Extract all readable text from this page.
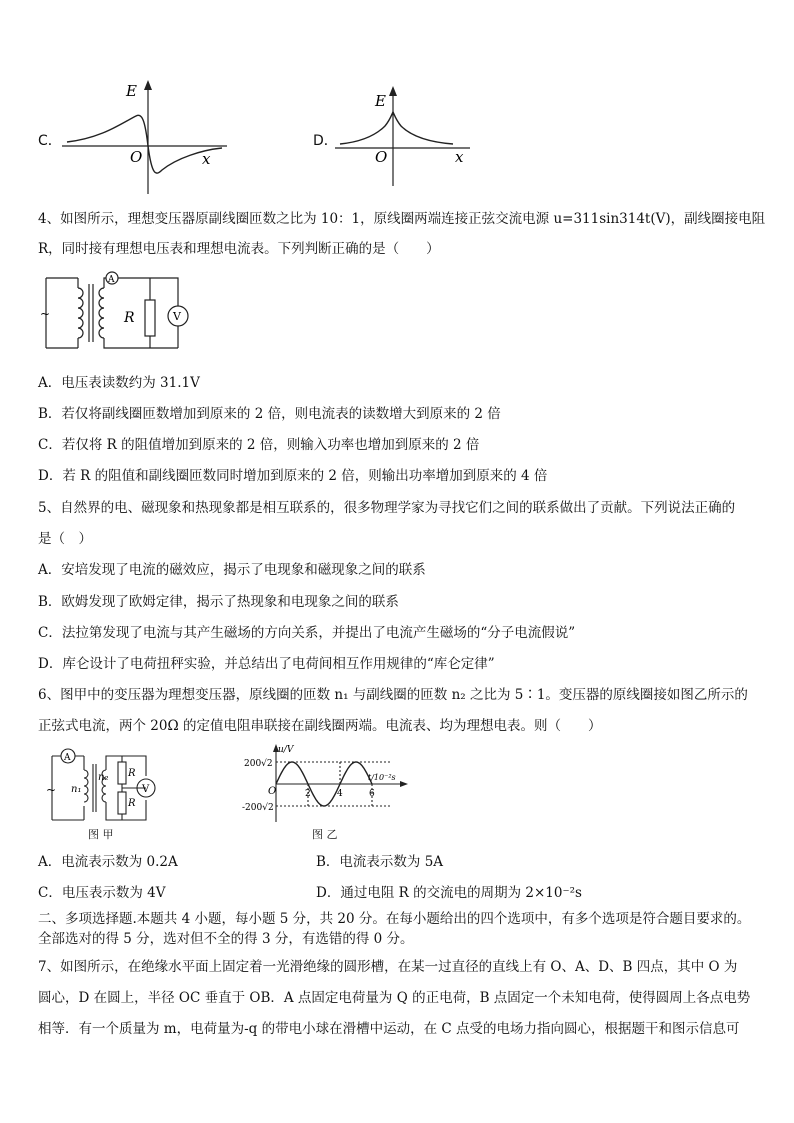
C．
E
O	x
D．
E
O	x
4、如图所示，理想变压器原副线圈匝数之比为 10：1，原线圈两端连接正弦交流电源 u=311sin314t(V)，副线圈接电阻
R，同时接有理想电压表和理想电流表。下列判断正确的是（　　）
~
A
V
R
A．电压表读数约为 31.1V
B．若仅将副线圈匝数增加到原来的 2 倍，则电流表的读数增大到原来的 2 倍
C．若仅将 R 的阻值增加到原来的 2 倍，则输入功率也增加到原来的 2 倍
D．若 R 的阻值和副线圈匝数同时增加到原来的 2 倍，则输出功率增加到原来的 4 倍
5、自然界的电、磁现象和热现象都是相互联系的，很多物理学家为寻找它们之间的联系做出了贡献。下列说法正确的
是（　）
A．安培发现了电流的磁效应，揭示了电现象和磁现象之间的联系
B．欧姆发现了欧姆定律，揭示了热现象和电现象之间的联系
C．法拉第发现了电流与其产生磁场的方向关系，并提出了电流产生磁场的“分子电流假说”
D．库仑设计了电荷扭秤实验，并总结出了电荷间相互作用规律的“库仑定律”
6、图甲中的变压器为理想变压器，原线圈的匝数 n₁ 与副线圈的匝数 n₂ 之比为 5∶1。变压器的原线圈接如图乙所示的
正弦式电流，两个 20Ω 的定值电阻串联接在副线圈两端。电流表、均为理想电表。则（　　）
~
A
V
n₁
n₂ R
R
图 甲
u/V
t/10⁻²s
200√2
-200√2
O	2	4	6
图 乙
A．电流表示数为 0.2A	B．电流表示数为 5A
C．电压表示数为 4V	D．通过电阻 R 的交流电的周期为 2×10⁻²s
二、多项选择题.本题共 4 小题，每小题 5 分，共 20 分。在每小题给出的四个选项中，有多个选项是符合题目要求的。
全部选对的得 5 分，选对但不全的得 3 分，有选错的得 0 分。
7、如图所示，在绝缘水平面上固定着一光滑绝缘的圆形槽，在某一过直径的直线上有 O、A、D、B 四点，其中 O 为
圆心，D 在圆上，半径 OC 垂直于 OB．A 点固定电荷量为 Q 的正电荷，B 点固定一个未知电荷，使得圆周上各点电势
相等．有一个质量为 m，电荷量为-q 的带电小球在滑槽中运动，在 C 点受的电场力指向圆心，根据题干和图示信息可
